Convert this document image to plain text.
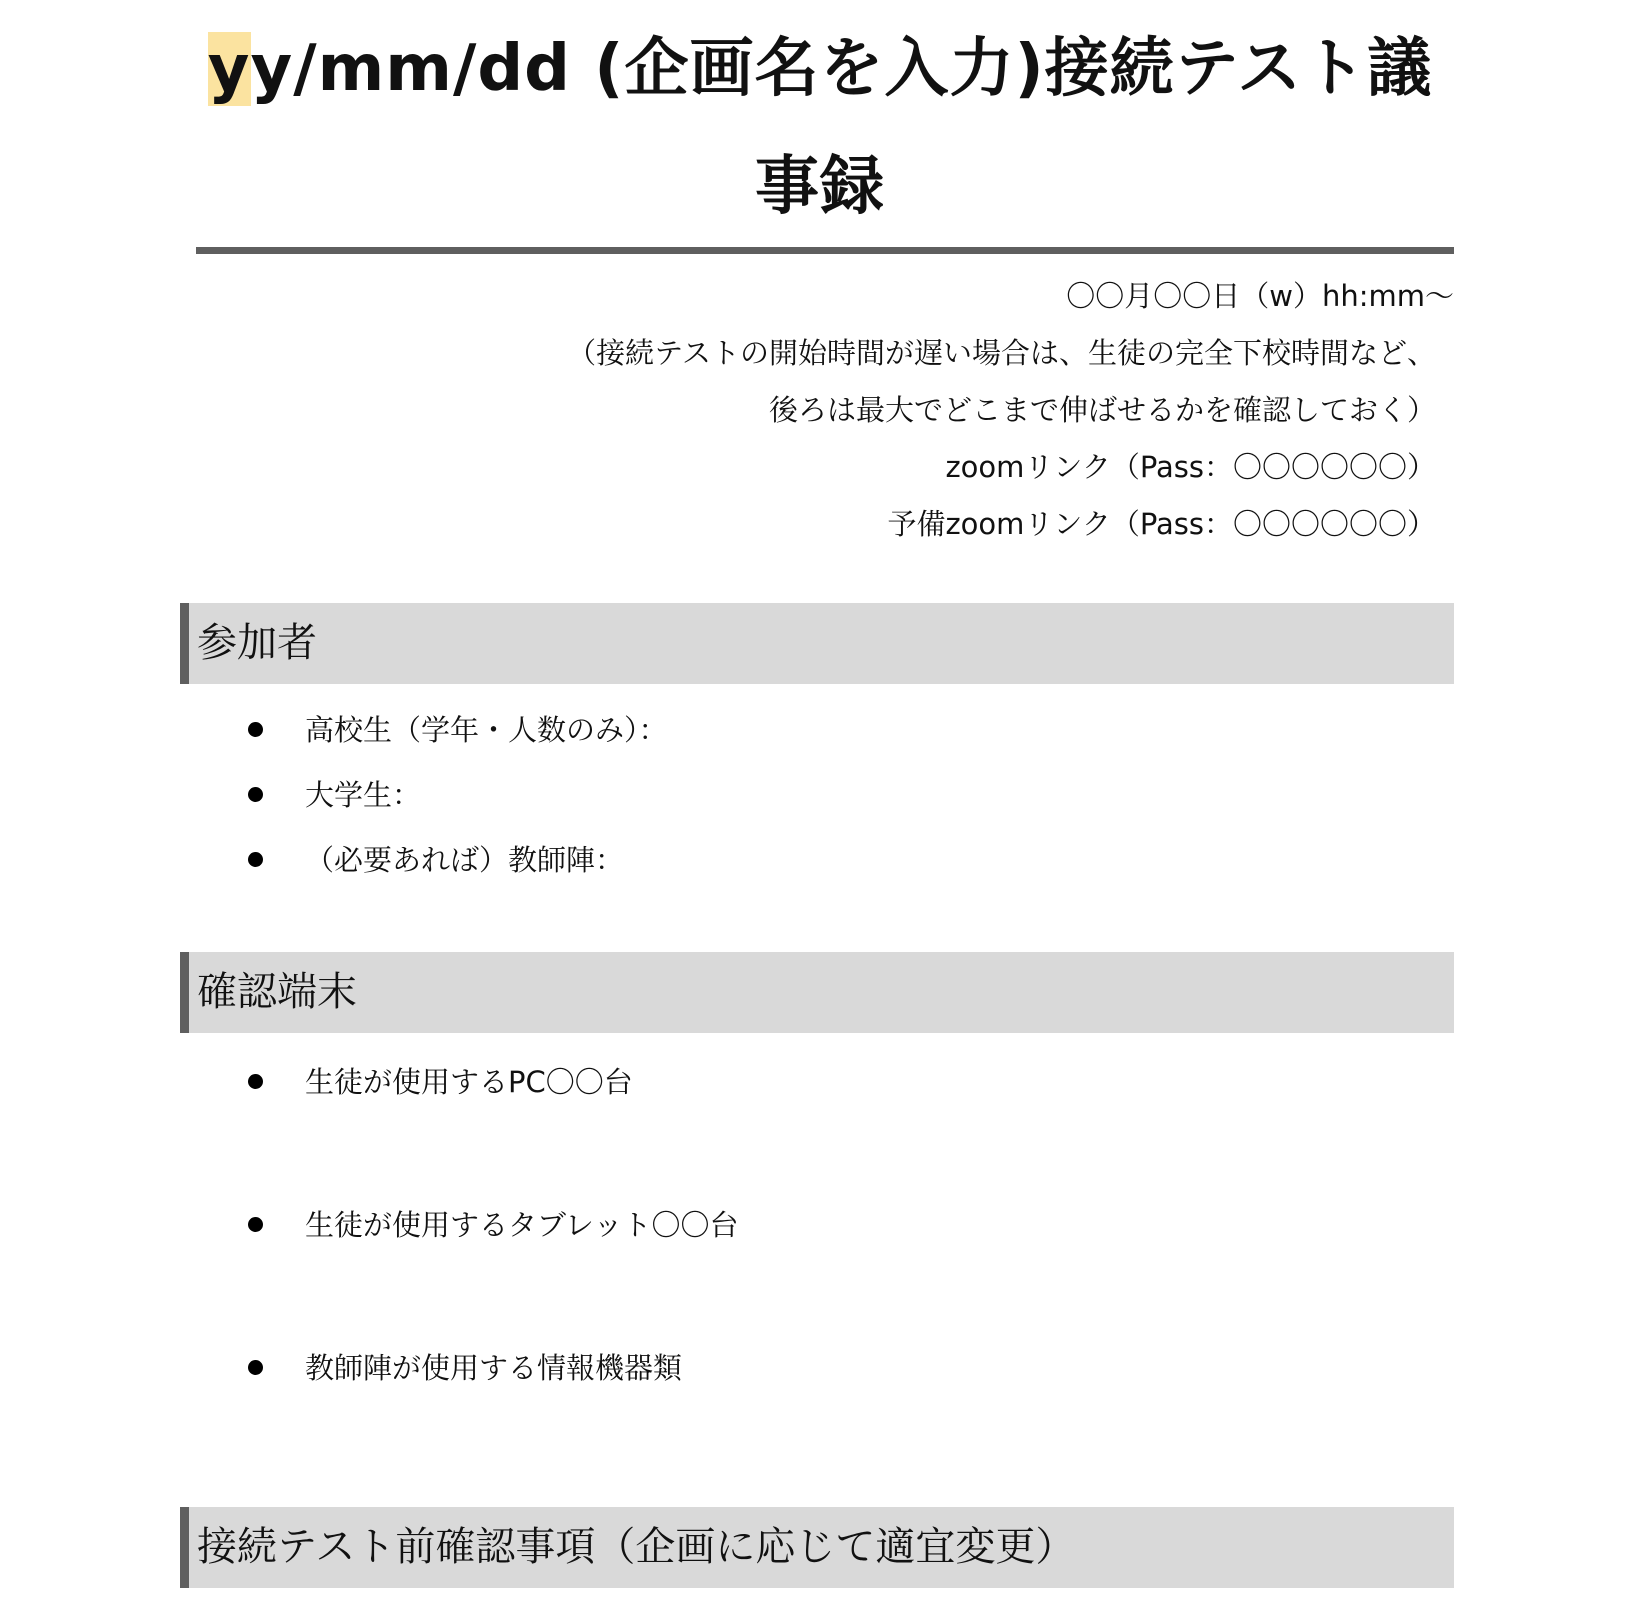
yy/mm/dd (企画名を入力)接続テスト議事録
〇〇月〇〇日（w）hh:mm〜
（接続テストの開始時間が遅い場合は、生徒の完全下校時間など、
後ろは最大でどこまで伸ばせるかを確認しておく）
zoomリンク（Pass：〇〇〇〇〇〇）
予備zoomリンク（Pass：〇〇〇〇〇〇）
参加者
高校生（学年・人数のみ）：
大学生：
（必要あれば）教師陣：
確認端末
生徒が使用するPC〇〇台
生徒が使用するタブレット〇〇台
教師陣が使用する情報機器類
接続テスト前確認事項（企画に応じて適宜変更）
